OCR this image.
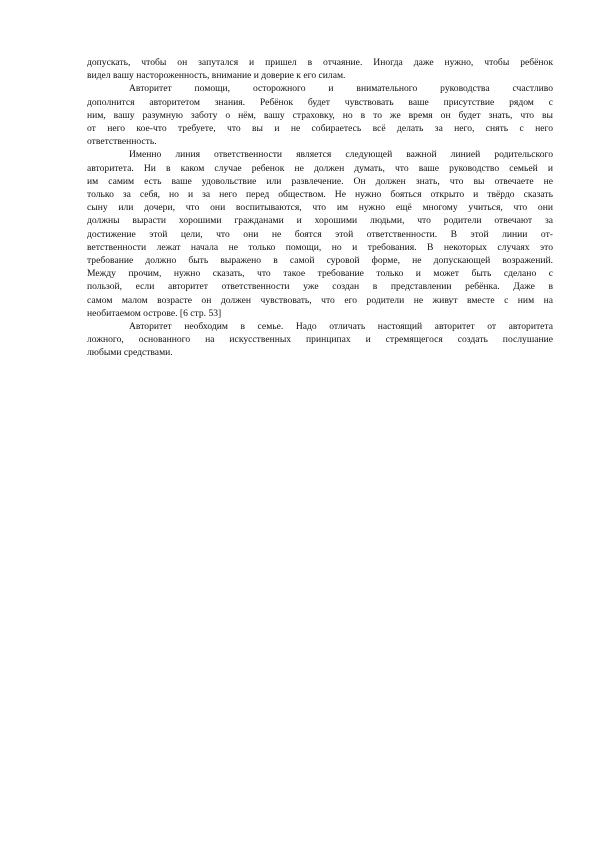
допускать, чтобы он запутался и пришел в отчаяние. Иногда даже нужно, чтобы ребёнок
видел вашу настороженность, внимание и доверие к его силам.
Авторитет помощи, осторожного и внимательного руководства счастливо
дополнится авторитетом знания. Ребёнок будет чувствовать ваше присутствие рядом с
ним, вашу разумную заботу о нём, вашу страховку, но в то же время он будет знать, что вы
от него кое-что требуете, что вы и не собираетесь всё делать за него, снять с него
ответственность.
Именно линия ответственности является следующей важной линией родительского
авторитета. Ни в каком случае ребенок не должен думать, что ваше руководство семьей и
им самим есть ваше удовольствие или развлечение. Он должен знать, что вы отвечаете не
только за себя, но и за него перед обществом. Не нужно бояться открыто и твёрдо сказать
сыну или дочери, что они воспитываются, что им нужно ещё многому учиться, что они
должны вырасти хорошими гражданами и хорошими людьми, что родители отвечают за
достижение этой цели, что они не боятся этой ответственности. В этой линии от-
ветственности лежат начала не только помощи, но и требования. В некоторых случаях это
требование должно быть выражено в самой суровой форме, не допускающей возражений.
Между прочим, нужно сказать, что такое требование только и может быть сделано с
пользой, если авторитет ответственности уже создан в представлении ребёнка. Даже в
самом малом возрасте он должен чувствовать, что его родители не живут вместе с ним на
необитаемом острове. [6 стр. 53]
Авторитет необходим в семье. Надо отличать настоящий авторитет от авторитета
ложного, основанного на искусственных принципах и стремящегося создать послушание
любыми средствами.
